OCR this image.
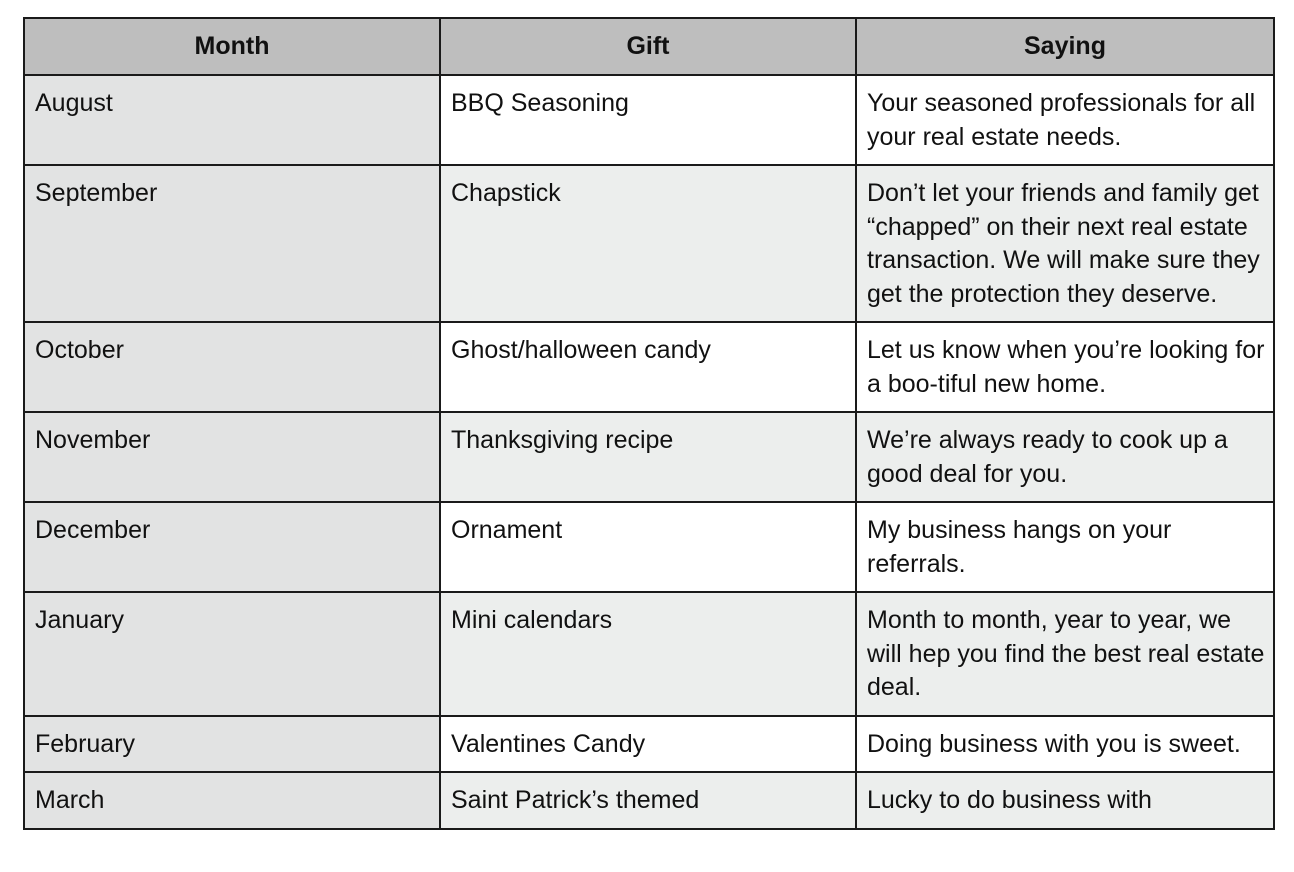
Month	Gift	Saying
August	BBQ Seasoning	Your seasoned professionals for all your real estate needs.
September	Chapstick	Don’t let your friends and family get “chapped” on their next real estate transaction. We will make sure they get the protection they deserve.
October	Ghost/halloween candy	Let us know when you’re looking for a boo-tiful new home.
November	Thanksgiving recipe	We’re always ready to cook up a good deal for you.
December	Ornament	My business hangs on your referrals.
January	Mini calendars	Month to month, year to year, we will hep you find the best real estate deal.
February	Valentines Candy	Doing business with you is sweet.
March	Saint Patrick’s themed	Lucky to do business with
